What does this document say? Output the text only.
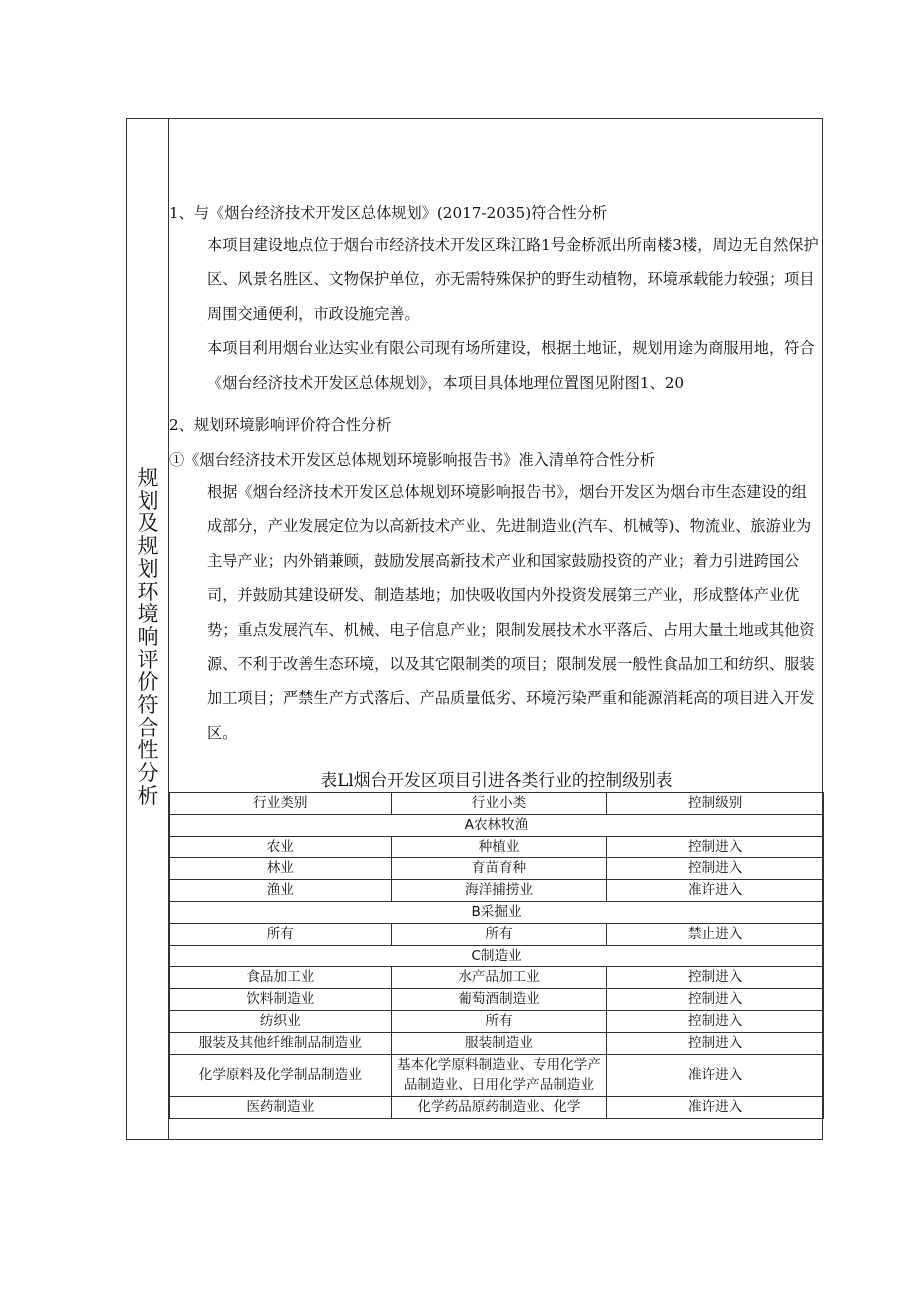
规划及规划环境响评价符合性分析
1、与《烟台经济技术开发区总体规划》(2017-2035)符合性分析

本项目建设地点位于烟台市经济技术开发区珠江路1号金桥派出所南楼3楼，周边无自然保护区、风景名胜区、文物保护单位，亦无需特殊保护的野生动植物，环境承载能力较强；项目周围交通便利，市政设施完善。

本项目利用烟台业达实业有限公司现有场所建设，根据土地证，规划用途为商服用地，符合《烟台经济技术开发区总体规划》，本项目具体地理位置图见附图1、20

2、规划环境影响评价符合性分析
①《烟台经济技术开发区总体规划环境影响报告书》准入清单符合性分析

根据《烟台经济技术开发区总体规划环境影响报告书》，烟台开发区为烟台市生态建设的组成部分，产业发展定位为以高新技术产业、先进制造业(汽车、机械等)、物流业、旅游业为主导产业；内外销兼顾，鼓励发展高新技术产业和国家鼓励投资的产业；着力引进跨国公司，并鼓励其建设研发、制造基地；加快吸收国内外投资发展第三产业，形成整体产业优势；重点发展汽车、机械、电子信息产业；限制发展技术水平落后、占用大量土地或其他资源、不利于改善生态环境，以及其它限制类的项目；限制发展一般性食品加工和纺织、服装加工项目；严禁生产方式落后、产品质量低劣、环境污染严重和能源消耗高的项目进入开发区。

表Ll烟台开发区项目引进各类行业的控制级别表
行业类别	行业小类	控制级别
A农林牧渔		
农业	种植业	控制进入
林业	育苗育种	控制进入
渔业	海洋捕捞业	准许进入
B采掘业		
所有	所有	禁止进入
C制造业		
食品加工业	水产品加工业	控制进入
饮料制造业	葡萄酒制造业	控制进入
纺织业	所有	控制进入
服装及其他纤维制品制造业	服装制造业	控制进入
化学原料及化学制品制造业	基本化学原料制造业、专用化学产品制造业、日用化学产品制造业	准许进入
医药制造业	化学药品原药制造业、化学	准许进入
